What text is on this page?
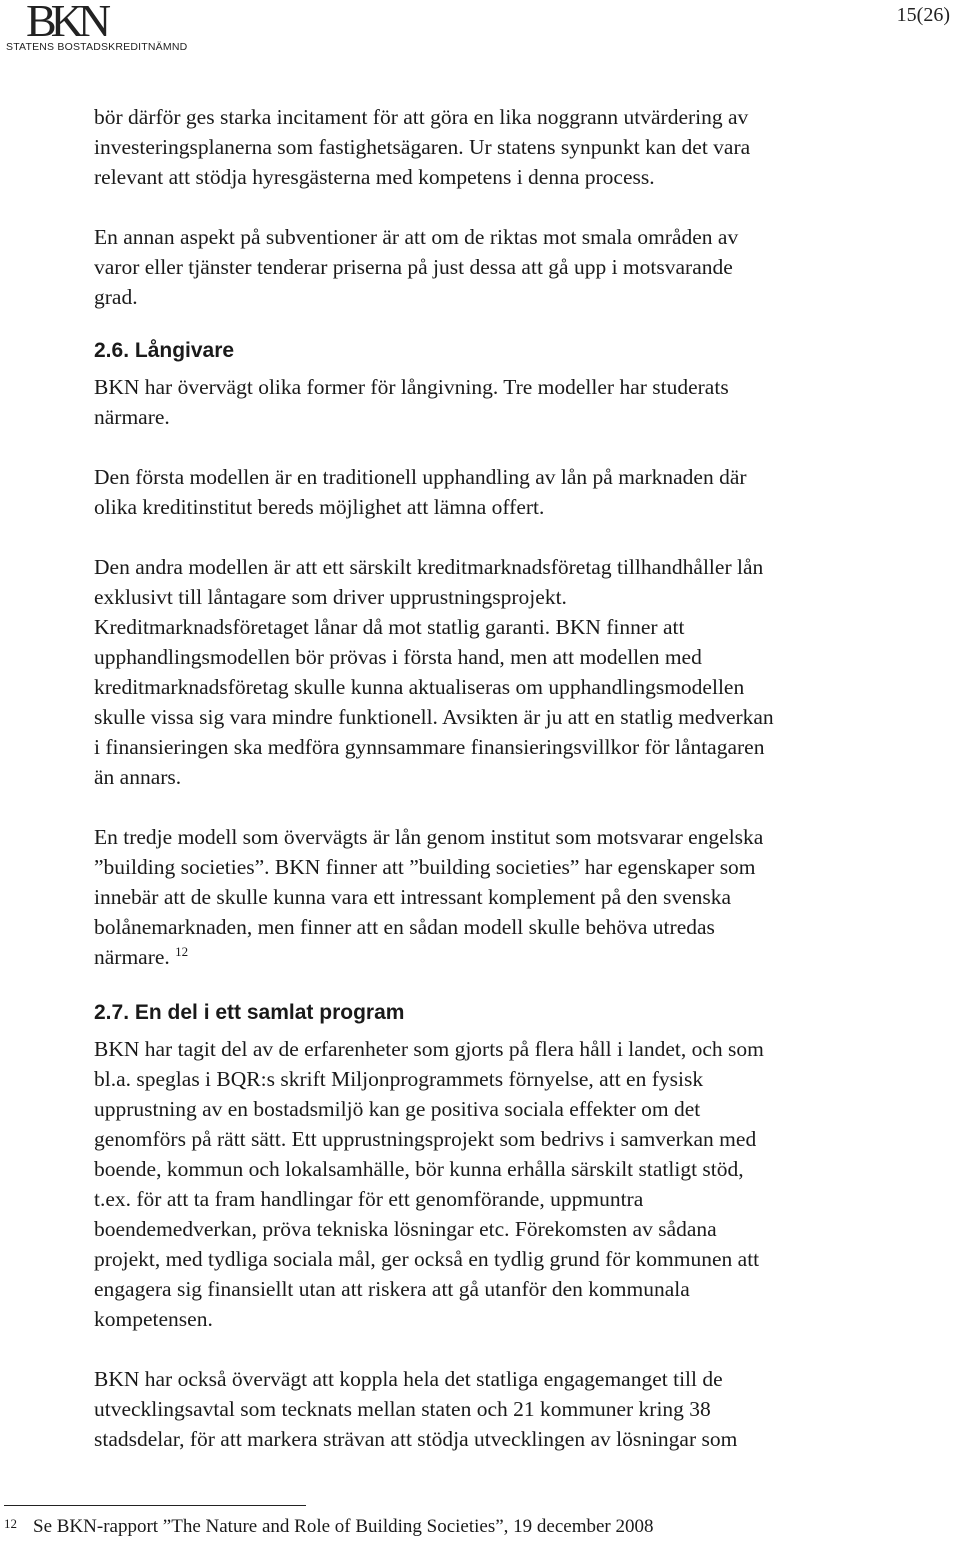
BKN
STATENS BOSTADSKREDITNÄMND
15(26)

bör därför ges starka incitament för att göra en lika noggrann utvärdering av

investeringsplanerna som fastighetsägaren. Ur statens synpunkt kan det vara

relevant att stödja hyresgästerna med kompetens i denna process.

En annan aspekt på subventioner är att om de riktas mot smala områden av

varor eller tjänster tenderar priserna på just dessa att gå upp i motsvarande

grad.

2.6. Långivare

BKN har övervägt olika former för långivning. Tre modeller har studerats

närmare.

Den första modellen är en traditionell upphandling av lån på marknaden där

olika kreditinstitut bereds möjlighet att lämna offert.

Den andra modellen är att ett särskilt kreditmarknadsföretag tillhandhåller lån

exklusivt till låntagare som driver upprustningsprojekt.

Kreditmarknadsföretaget lånar då mot statlig garanti. BKN finner att

upphandlingsmodellen bör prövas i första hand, men att modellen med

kreditmarknadsföretag skulle kunna aktualiseras om upphandlingsmodellen

skulle vissa sig vara mindre funktionell. Avsikten är ju att en statlig medverkan

i finansieringen ska medföra gynnsammare finansieringsvillkor för låntagaren

än annars.

En tredje modell som övervägts är lån genom institut som motsvarar engelska

”building societies”. BKN finner att ”building societies” har egenskaper som

innebär att de skulle kunna vara ett intressant komplement på den svenska

bolånemarknaden, men finner att en sådan modell skulle behöva utredas

närmare. $^{12}$

2.7. En del i ett samlat program

BKN har tagit del av de erfarenheter som gjorts på flera håll i landet, och som

bl.a. speglas i BQR:s skrift Miljonprogrammets förnyelse, att en fysisk

upprustning av en bostadsmiljö kan ge positiva sociala effekter om det

genomförs på rätt sätt. Ett upprustningsprojekt som bedrivs i samverkan med

boende, kommun och lokalsamhälle, bör kunna erhålla särskilt statligt stöd,

t.ex. för att ta fram handlingar för ett genomförande, uppmuntra

boendemedverkan, pröva tekniska lösningar etc. Förekomsten av sådana

projekt, med tydliga sociala mål, ger också en tydlig grund för kommunen att

engagera sig finansiellt utan att riskera att gå utanför den kommunala

kompetensen.

BKN har också övervägt att koppla hela det statliga engagemanget till de

utvecklingsavtal som tecknats mellan staten och 21 kommuner kring 38

stadsdelar, för att markera strävan att stödja utvecklingen av lösningar som

$^{12}$ Se BKN-rapport ”The Nature and Role of Building Societies”, 19 december 2008
